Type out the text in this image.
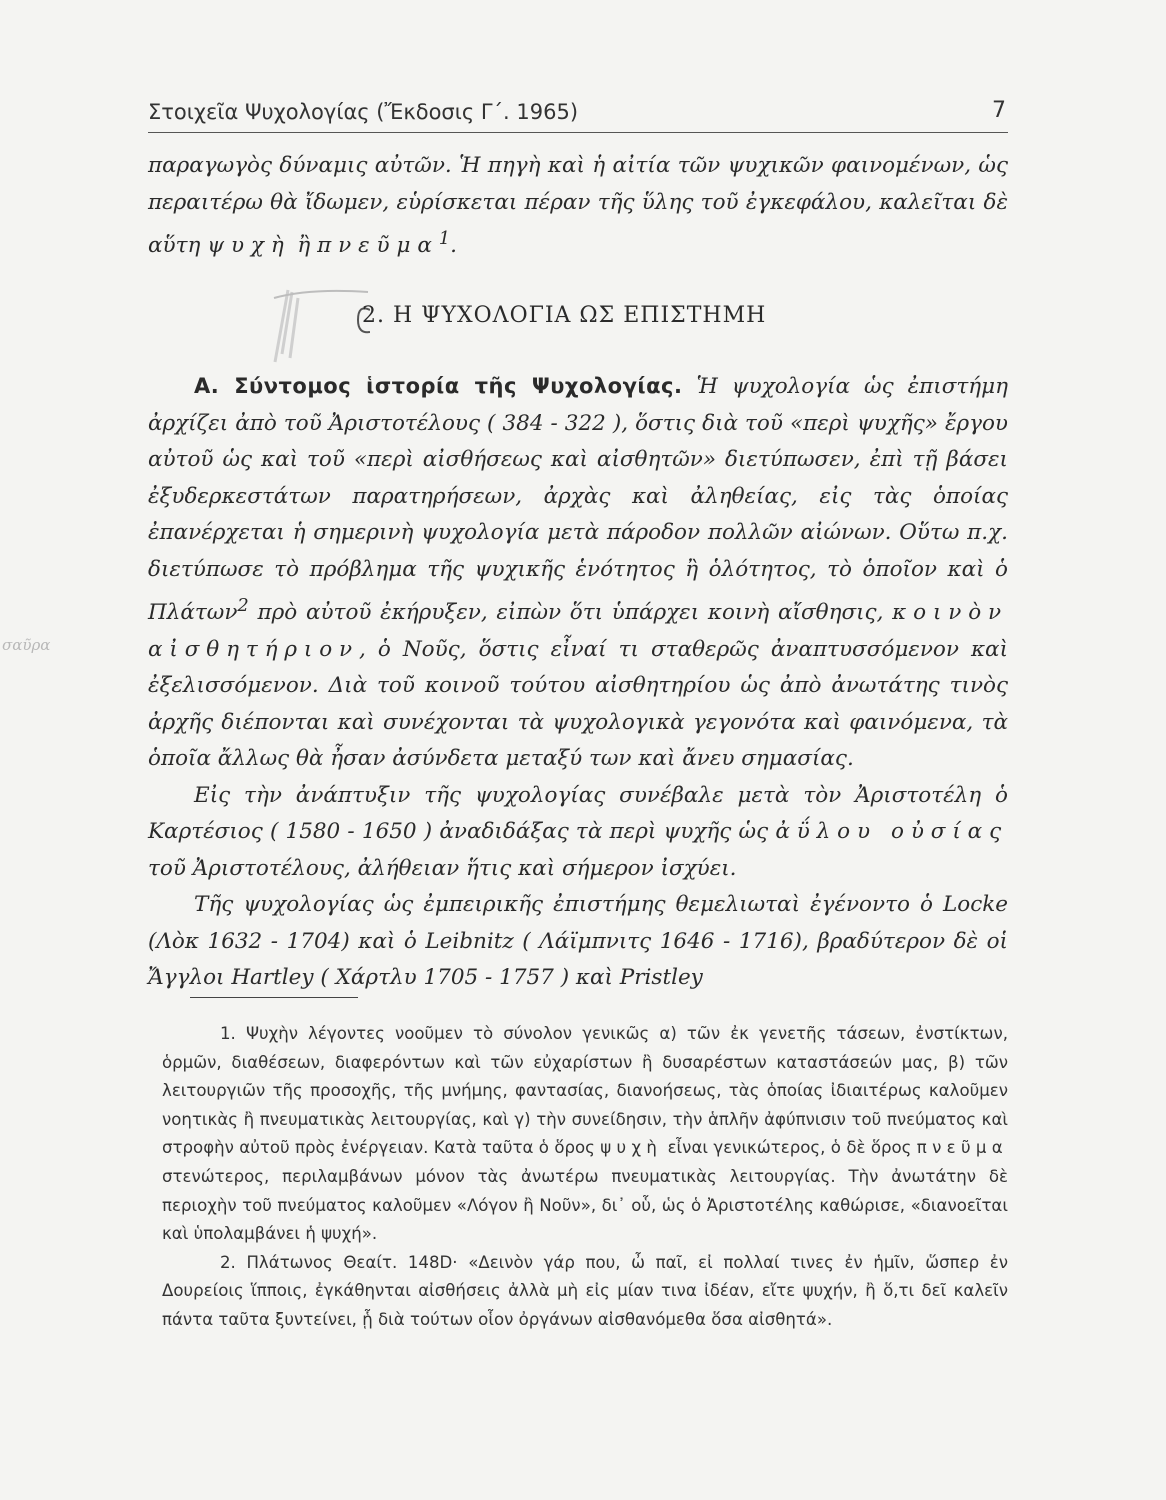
Στοιχεῖα Ψυχολογίας (Ἔκδοσις Γ΄. 1965)	7

παραγωγὸς δύναμις αὐτῶν. Ἡ πηγὴ καὶ ἡ αἰτία τῶν ψυχικῶν φαινομένων, ὡς περαιτέρω θὰ ἴδωμεν, εὑρίσκεται πέραν τῆς ὕλης τοῦ ἐγκεφάλου, καλεῖται δὲ αὕτη ψυχὴ ἢ πνεῦμα$^1$.

2. Η ΨΥΧΟΛΟΓΙΑ ΩΣ ΕΠΙΣΤΗΜΗ

Α. Σύντομος ἱστορία τῆς Ψυχολογίας. Ἡ ψυχολογία ὡς ἐπιστήμη ἀρχίζει ἀπὸ τοῦ Ἀριστοτέλους ( 384 - 322 ), ὅστις διὰ τοῦ «περὶ ψυχῆς» ἔργου αὐτοῦ ὡς καὶ τοῦ «περὶ αἰσθήσεως καὶ αἰσθητῶν» διετύπωσεν, ἐπὶ τῇ βάσει ἐξυδερκεστάτων παρατηρήσεων, ἀρχὰς καὶ ἀληθείας, εἰς τὰς ὁποίας ἐπανέρχεται ἡ σημερινὴ ψυχολογία μετὰ πάροδον πολλῶν αἰώνων. Οὕτω π.χ. διετύπωσε τὸ πρόβλημα τῆς ψυχικῆς ἑνότητος ἢ ὁλότητος, τὸ ὁποῖον καὶ ὁ Πλάτων$^2$ πρὸ αὐτοῦ ἐκήρυξεν, εἰπὼν ὅτι ὑπάρχει κοινὴ αἴσθησις, κοινὸν αἰσθητήριον, ὁ Νοῦς, ὅστις εἶναί τι σταθερῶς ἀναπτυσσόμενον καὶ ἐξελισσόμενον. Διὰ τοῦ κοινοῦ τούτου αἰσθητηρίου ὡς ἀπὸ ἀνωτάτης τινὸς ἀρχῆς διέπονται καὶ συνέχονται τὰ ψυχολογικὰ γεγονότα καὶ φαινόμενα, τὰ ὁποῖα ἄλλως θὰ ἦσαν ἀσύνδετα μεταξύ των καὶ ἄνευ σημασίας.

Εἰς τὴν ἀνάπτυξιν τῆς ψυχολογίας συνέβαλε μετὰ τὸν Ἀριστοτέλη ὁ Καρτέσιος ( 1580 - 1650 ) ἀναδιδάξας τὰ περὶ ψυχῆς ὡς ἀΰλου οὐσίας τοῦ Ἀριστοτέλους, ἀλήθειαν ἥτις καὶ σήμερον ἰσχύει.

Τῆς ψυχολογίας ὡς ἐμπειρικῆς ἐπιστήμης θεμελιωταὶ ἐγένοντο ὁ Locke (Λὸκ 1632 - 1704) καὶ ὁ Leibnitz ( Λάϊμπνιτς 1646 - 1716), βραδύτερον δὲ οἱ Ἄγγλοι Hartley ( Χάρτλυ 1705 - 1757 ) καὶ Pristley

σαῦρα

1. Ψυχὴν λέγοντες νοοῦμεν τὸ σύνολον γενικῶς α) τῶν ἐκ γενετῆς τάσεων, ἐνστίκτων, ὁρμῶν, διαθέσεων, διαφερόντων καὶ τῶν εὐχαρίστων ἢ δυσαρέστων καταστάσεών μας, β) τῶν λειτουργιῶν τῆς προσοχῆς, τῆς μνήμης, φαντασίας, διανοήσεως, τὰς ὁποίας ἰδιαιτέρως καλοῦμεν νοητικὰς ἢ πνευματικὰς λειτουργίας, καὶ γ) τὴν συνείδησιν, τὴν ἁπλῆν ἀφύπνισιν τοῦ πνεύματος καὶ στροφὴν αὐτοῦ πρὸς ἐνέργειαν. Κατὰ ταῦτα ὁ ὅρος ψυχὴ εἶναι γενικώτερος, ὁ δὲ ὅρος πνεῦμα στενώτερος, περιλαμβάνων μόνον τὰς ἀνωτέρω πνευματικὰς λειτουργίας. Τὴν ἀνωτάτην δὲ περιοχὴν τοῦ πνεύματος καλοῦμεν «Λόγον ἢ Νοῦν», δι᾿ οὗ, ὡς ὁ Ἀριστοτέλης καθώρισε, «διανοεῖται καὶ ὑπολαμβάνει ἡ ψυχή».

2. Πλάτωνος Θεαίτ. 148D· «Δεινὸν γάρ που, ὦ παῖ, εἰ πολλαί τινες ἐν ἡμῖν, ὥσπερ ἐν Δουρείοις ἵπποις, ἐγκάθηνται αἰσθήσεις ἀλλὰ μὴ εἰς μίαν τινα ἰδέαν, εἴτε ψυχήν, ἢ ὅ,τι δεῖ καλεῖν πάντα ταῦτα ξυντείνει, ᾗ διὰ τούτων οἷον ὀργάνων αἰσθανόμεθα ὅσα αἰσθητά».
